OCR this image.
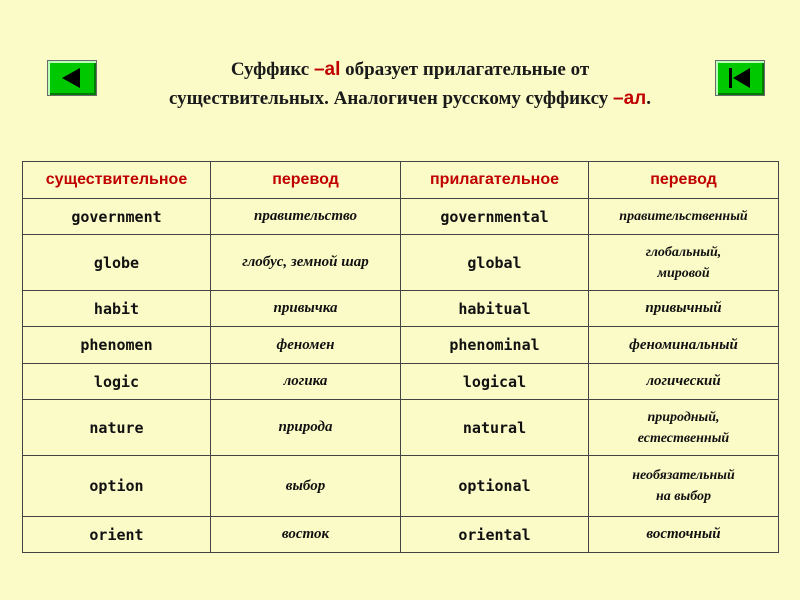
Суффикс –al образует прилагательные от
существительных. Аналогичен русскому суффиксу –ал.
существительное	перевод	прилагательное	перевод
government	правительство	governmental	правительственный

globe	глобус, земной шар	global	глобальный,
мировой

habit	привычка	habitual	привычный

phenomen	феномен	phenominal	феноминальный

logic	логика	logical	логический

nature	природа	natural	природный,
естественный

option	выбор	optional	необязательный
на выбор

orient	восток	oriental	восточный
